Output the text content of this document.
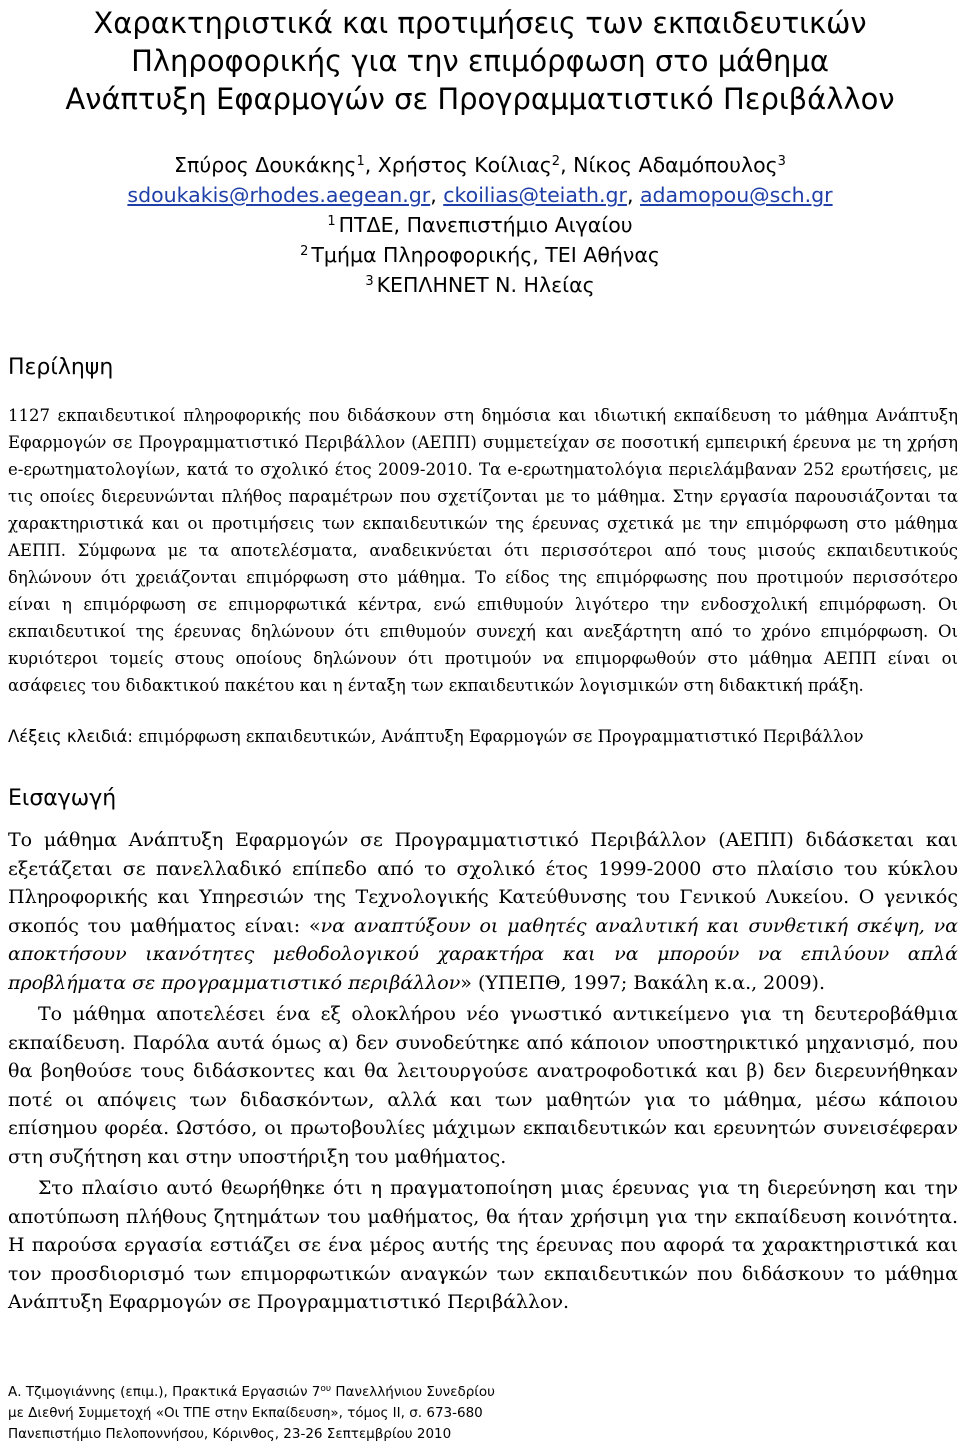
Χαρακτηριστικά και προτιμήσεις των εκπαιδευτικών
Πληροφορικής για την επιμόρφωση στο μάθημα
Ανάπτυξη Εφαρμογών σε Προγραμματιστικό Περιβάλλον
Σπύρος Δουκάκης$^1$, Χρήστος Κοίλιας$^2$, Νίκος Αδαμόπουλος$^3$
sdoukakis@rhodes.aegean.gr, ckoilias@teiath.gr, adamopou@sch.gr
$^1$ ΠΤΔΕ, Πανεπιστήμιο Αιγαίου
$^2$ Τμήμα Πληροφορικής, ΤΕΙ Αθήνας
$^3$ ΚΕΠΛΗΝΕΤ Ν. Ηλείας
Περίληψη

1127 εκπαιδευτικοί πληροφορικής που διδάσκουν στη δημόσια και ιδιωτική εκπαίδευση το μάθημα Ανάπτυξη Εφαρμογών σε Προγραμματιστικό Περιβάλλον (ΑΕΠΠ) συμμετείχαν σε ποσοτική εμπειρική έρευνα με τη χρήση e-ερωτηματολογίων, κατά το σχολικό έτος 2009-2010. Τα e-ερωτηματολόγια περιελάμβαναν 252 ερωτήσεις, με τις οποίες διερευνώνται πλήθος παραμέτρων που σχετίζονται με το μάθημα. Στην εργασία παρουσιάζονται τα χαρακτηριστικά και οι προτιμήσεις των εκπαιδευτικών της έρευνας σχετικά με την επιμόρφωση στο μάθημα ΑΕΠΠ. Σύμφωνα με τα αποτελέσματα, αναδεικνύεται ότι περισσότεροι από τους μισούς εκπαιδευτικούς δηλώνουν ότι χρειάζονται επιμόρφωση στο μάθημα. Το είδος της επιμόρφωσης που προτιμούν περισσότερο είναι η επιμόρφωση σε επιμορφωτικά κέντρα, ενώ επιθυμούν λιγότερο την ενδοσχολική επιμόρφωση. Οι εκπαιδευτικοί της έρευνας δηλώνουν ότι επιθυμούν συνεχή και ανεξάρτητη από το χρόνο επιμόρφωση. Οι κυριότεροι τομείς στους οποίους δηλώνουν ότι προτιμούν να επιμορφωθούν στο μάθημα ΑΕΠΠ είναι οι ασάφειες του διδακτικού πακέτου και η ένταξη των εκπαιδευτικών λογισμικών στη διδακτική πράξη.

Λέξεις κλειδιά: επιμόρφωση εκπαιδευτικών, Ανάπτυξη Εφαρμογών σε Προγραμματιστικό Περιβάλλον

Εισαγωγή

Το μάθημα Ανάπτυξη Εφαρμογών σε Προγραμματιστικό Περιβάλλον (ΑΕΠΠ) διδάσκεται και εξετάζεται σε πανελλαδικό επίπεδο από το σχολικό έτος 1999-2000 στο πλαίσιο του κύκλου Πληροφορικής και Υπηρεσιών της Τεχνολογικής Κατεύθυνσης του Γενικού Λυκείου. Ο γενικός σκοπός του μαθήματος είναι: «να αναπτύξουν οι μαθητές αναλυτική και συνθετική σκέψη, να αποκτήσουν ικανότητες μεθοδολογικού χαρακτήρα και να μπορούν να επιλύουν απλά προβλήματα σε προγραμματιστικό περιβάλλον» (ΥΠΕΠΘ, 1997; Βακάλη κ.α., 2009).

Το μάθημα αποτελέσει ένα εξ ολοκλήρου νέο γνωστικό αντικείμενο για τη δευτεροβάθμια εκπαίδευση. Παρόλα αυτά όμως α) δεν συνοδεύτηκε από κάποιον υποστηρικτικό μηχανισμό, που θα βοηθούσε τους διδάσκοντες και θα λειτουργούσε ανατροφοδοτικά και β) δεν διερευνήθηκαν ποτέ οι απόψεις των διδασκόντων, αλλά και των μαθητών για το μάθημα, μέσω κάποιου επίσημου φορέα. Ωστόσο, οι πρωτοβουλίες μάχιμων εκπαιδευτικών και ερευνητών συνεισέφεραν στη συζήτηση και στην υποστήριξη του μαθήματος.

Στο πλαίσιο αυτό θεωρήθηκε ότι η πραγματοποίηση μιας έρευνας για τη διερεύνηση και την αποτύπωση πλήθους ζητημάτων του μαθήματος, θα ήταν χρήσιμη για την εκπαίδευση κοινότητα. Η παρούσα εργασία εστιάζει σε ένα μέρος αυτής της έρευνας που αφορά τα χαρακτηριστικά και τον προσδιορισμό των επιμορφωτικών αναγκών των εκπαιδευτικών που διδάσκουν το μάθημα Ανάπτυξη Εφαρμογών σε Προγραμματιστικό Περιβάλλον.

Α. Τζιμογιάννης (επιμ.), Πρακτικά Εργασιών $7^{o\upsilon}$ Πανελλήνιου Συνεδρίου
με Διεθνή Συμμετοχή «Οι ΤΠΕ στην Εκπαίδευση», τόμος ΙΙ, σ. 673-680
Πανεπιστήμιο Πελοποννήσου, Κόρινθος, 23-26 Σεπτεμβρίου 2010
